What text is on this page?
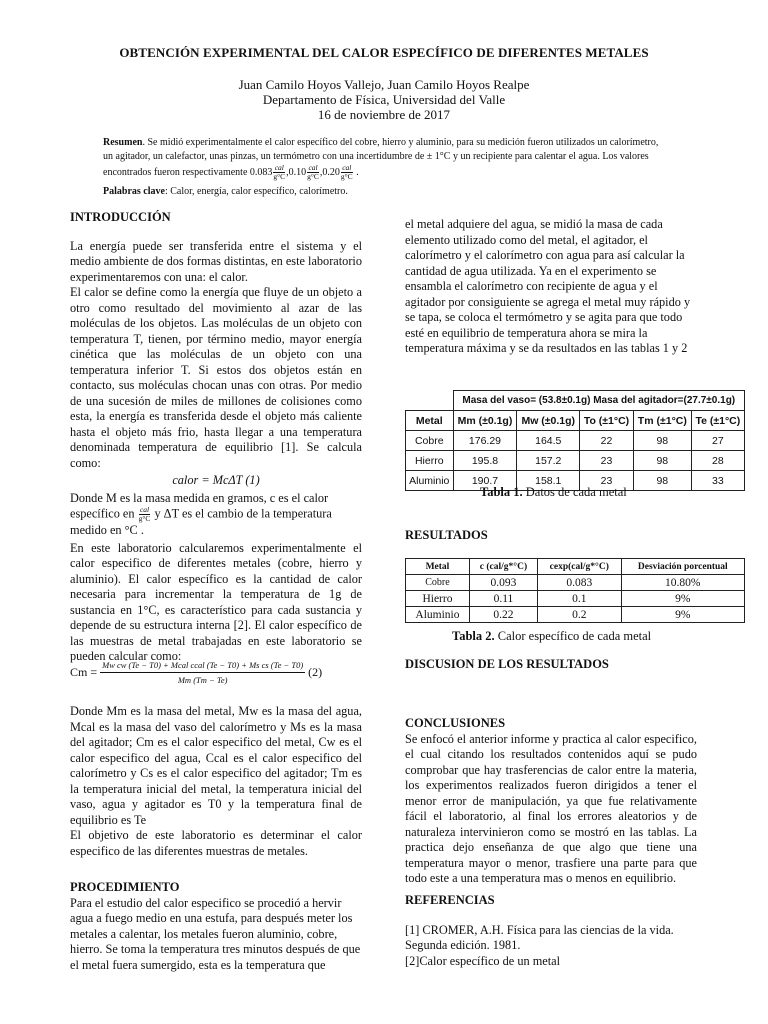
OBTENCIÓN EXPERIMENTAL DEL CALOR ESPECÍFICO DE DIFERENTES METALES
Juan Camilo Hoyos Vallejo, Juan Camilo Hoyos Realpe
Departamento de Física, Universidad del Valle
16 de noviembre de 2017

Resumen. Se midió experimentalmente el calor específico del cobre, hierro y aluminio, para su medición fueron utilizados un calorímetro, un agitador, un calefactor, unas pinzas, un termómetro con una incertidumbre de ± 1°C y un recipiente para calentar el agua. Los valores encontrados fueron respectivamente $0.083 \frac{\text{cal}}{g^\circ C} ,0.10 \frac{\text{cal}}{g^\circ C} ,0.20 \frac{\text{cal}}{g^\circ C}$ .

Palabras clave: Calor, energía, calor específico, calorímetro.

INTRODUCCIÓN

La energía puede ser transferida entre el sistema y el medio ambiente de dos formas distintas, en este laboratorio experimentaremos con una: el calor.

El calor se define como la energía que fluye de un objeto a otro como resultado del movimiento al azar de las moléculas de los objetos. Las moléculas de un objeto con temperatura T, tienen, por término medio, mayor energía cinética que las moléculas de un objeto con una temperatura inferior T. Si estos dos objetos están en contacto, sus moléculas chocan unas con otras. Por medio de una sucesión de miles de millones de colisiones como esta, la energía es transferida desde el objeto más caliente hasta el objeto más frio, hasta llegar a una temperatura denominada temperatura de equilibrio [1]. Se calcula como:

calor = McΔT (1)

Donde M es la masa medida en gramos, c es el calor específico en $\frac{\text{cal}}{g^\circ C}$ y ΔT es el cambio de la temperatura medido en °C .

En este laboratorio calcularemos experimentalmente el calor especifico de diferentes metales (cobre, hierro y aluminio). El calor específico es la cantidad de calor necesaria para incrementar la temperatura de 1g de sustancia en 1°C, es característico para cada sustancia y depende de su estructura interna [2]. El calor específico de las muestras de metal trabajadas en este laboratorio se pueden calcular como:

$Cm = \frac{\text{Mw cw (Te − T0) + Mcal ccal (Te − T0) + Ms cs (Te − T0)}}{Mm (Tm - Te)} (2)$

Donde Mm es la masa del metal, Mw es la masa del agua, Mcal es la masa del vaso del calorímetro y Ms es la masa del agitador; Cm es el calor especifico del metal, Cw es el calor especifico del agua, Ccal es el calor especifico del calorímetro y Cs es el calor especifico del agitador; Tm es la temperatura inicial del metal, la temperatura inicial del vaso, agua y agitador es T0 y la temperatura final de equilibrio es Te

El objetivo de este laboratorio es determinar el calor especifico de las diferentes muestras de metales.

PROCEDIMIENTO

Para el estudio del calor especifico se procedió a hervir agua a fuego medio en una estufa, para después meter los metales a calentar, los metales fueron aluminio, cobre, hierro. Se toma la temperatura tres minutos después de que el metal fuera sumergido, esta es la temperatura que

el metal adquiere del agua, se midió la masa de cada elemento utilizado como del metal, el agitador, el calorímetro y el calorímetro con agua para así calcular la cantidad de agua utilizada. Ya en el experimento se ensambla el calorímetro con recipiente de agua y el agitador por consiguiente se agrega el metal muy rápido y se tapa, se coloca el termómetro y se agita para que todo esté en equilibrio de temperatura ahora se mira la temperatura máxima y se da resultados en las tablas 1 y 2

	Masa del vaso= (53.8±0.1g) Masa del agitador=(27.7±0.1g)				
Metal	Mm (±0.1g)	Mw (±0.1g)	To (±1°C)	Tm (±1°C)	Te (±1°C)
Cobre	176.29	164.5	22	98	27
Hierro	195.8	157.2	23	98	28
Aluminio	190.7	158.1	23	98	33
Tabla 1. Datos de cada metal
RESULTADOS
Metal	c (cal/g*°C)	cexp(cal/g*°C)	Desviación porcentual
Cobre	0.093	0.083	10.80%
Hierro	0.11	0.1	9%
Aluminio	0.22	0.2	9%
Tabla 2. Calor específico de cada metal
DISCUSION DE LOS RESULTADOS
CONCLUSIONES

Se enfocó el anterior informe y practica al calor especifico, el cual citando los resultados contenidos aquí se pudo comprobar que hay trasferencias de calor entre la materia, los experimentos realizados fueron dirigidos a tener el menor error de manipulación, ya que fue relativamente fácil el laboratorio, al final los errores aleatorios y de naturaleza intervinieron como se mostró en las tablas. La practica dejo enseñanza de que algo que tiene una temperatura mayor o menor, trasfiere una parte para que todo este a una temperatura mas o menos en equilibrio.

REFERENCIAS

[1] CROMER, A.H. Física para las ciencias de la vida. Segunda edición. 1981.

[2]Calor específico de un metal
